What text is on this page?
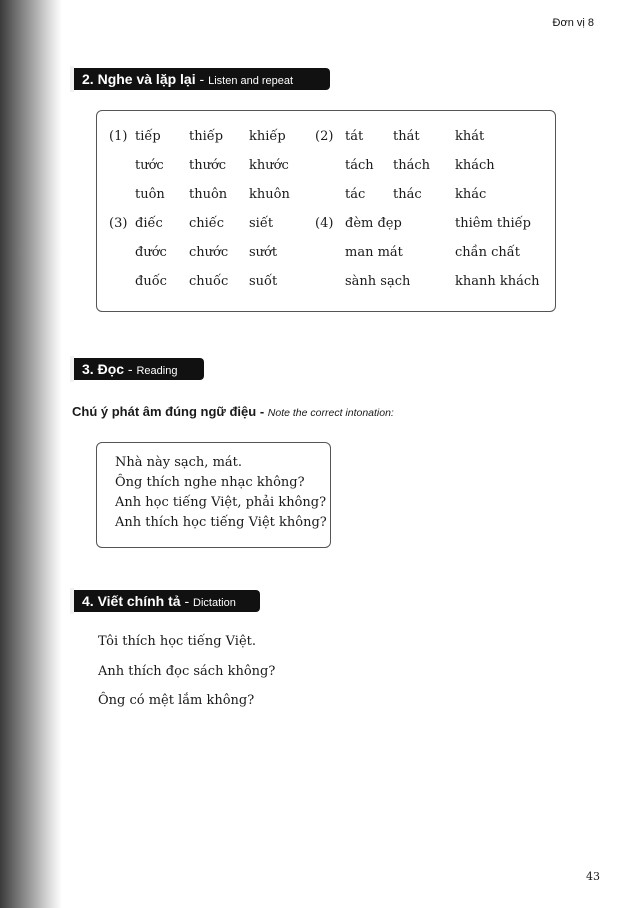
Đơn vị 8
2. Nghe và lặp lại - Listen and repeat
(1) tiếp thiếp khiếp
tước thước khước
tuôn thuôn khuôn
(2) tát thát	khát
tách thách khách
tác thác	khác
(3) điếc chiếc siết
đước chước sướt
đuốc chuốc suốt
(4) đèm đẹp	thiêm thiếp
man mát	chần chất
sành sạch	khanh khách
3. Đọc - Reading
Chú ý phát âm đúng ngữ điệu - Note the correct intonation:
Nhà này sạch, mát.
Ông thích nghe nhạc không?
Anh học tiếng Việt, phải không?
Anh thích học tiếng Việt không?
4. Viết chính tả - Dictation
Tôi thích học tiếng Việt.
Anh thích đọc sách không?
Ông có mệt lắm không?
43
